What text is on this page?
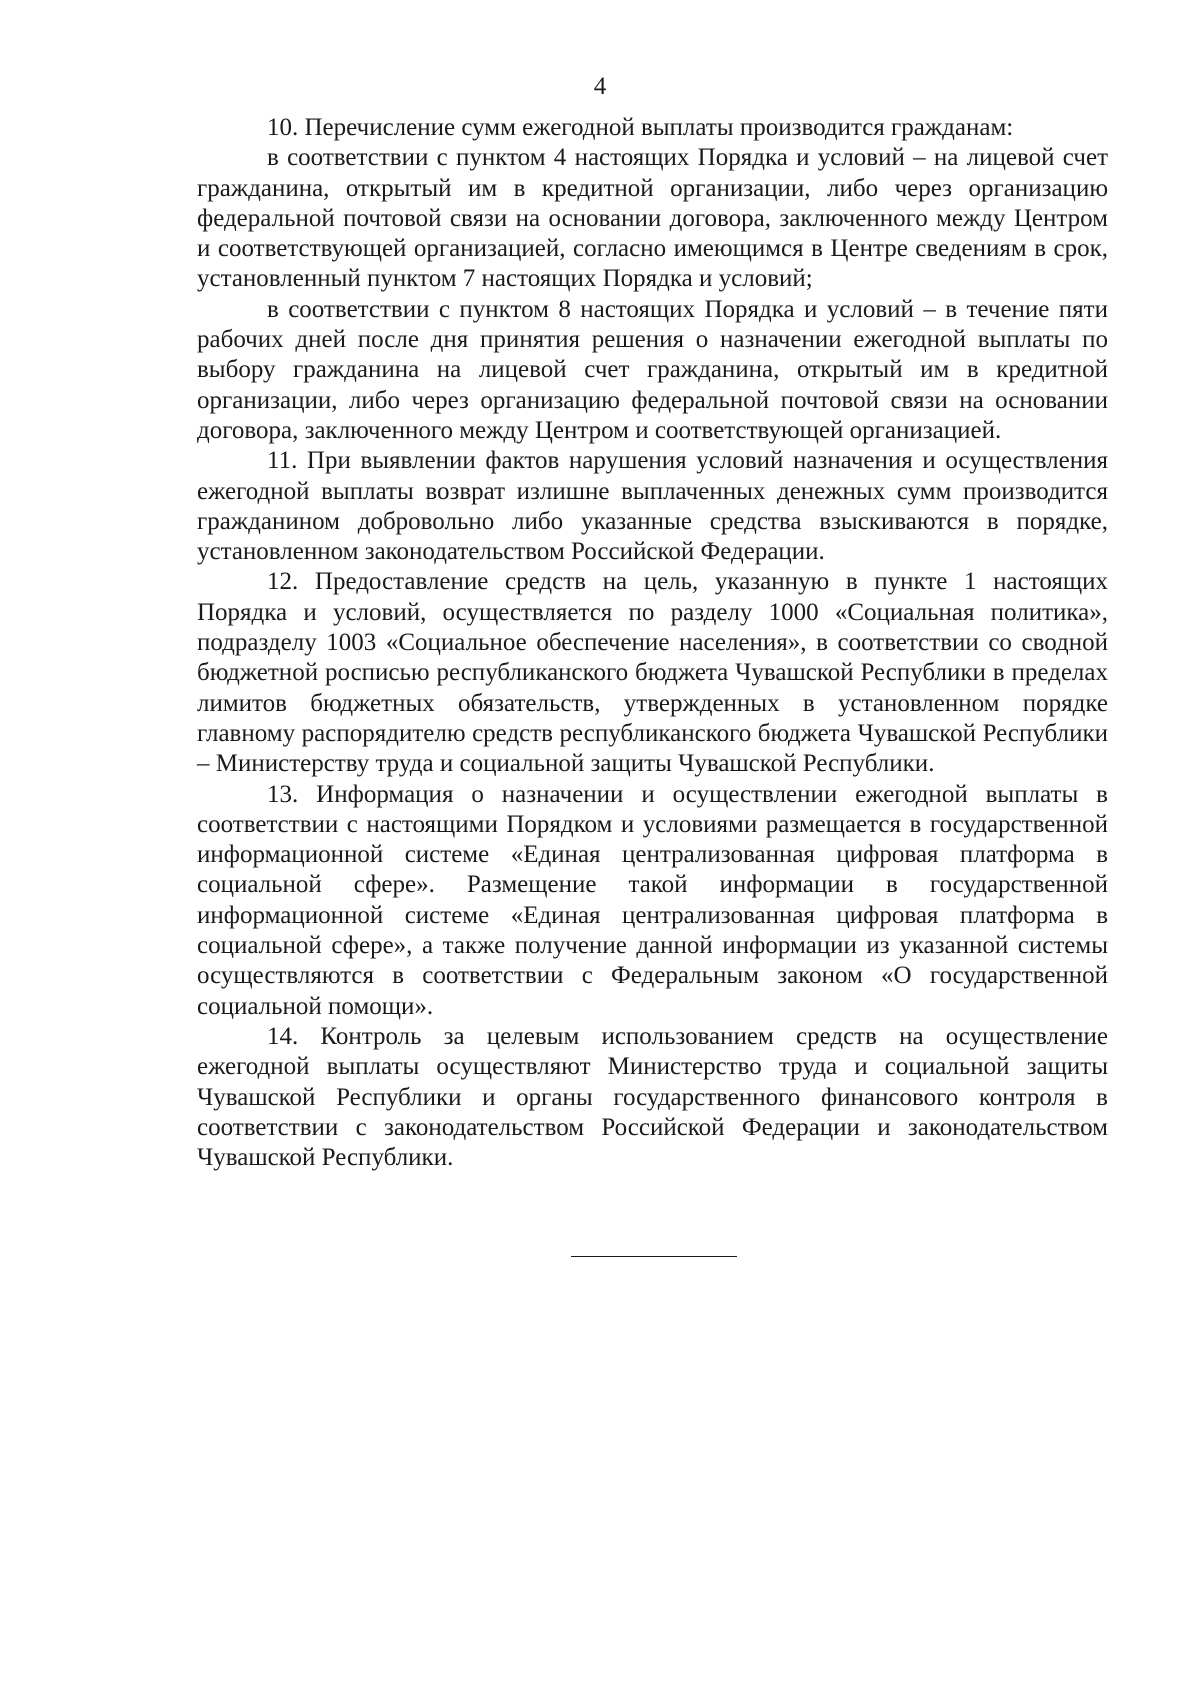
4

10. Перечисление сумм ежегодной выплаты производится гражданам:

в соответствии с пунктом 4 настоящих Порядка и условий – на лицевой счет гражданина, открытый им в кредитной организации, либо через организацию федеральной почтовой связи на основании договора, заключенного между Центром и соответствующей организацией, согласно имеющимся в Центре сведениям в срок, установленный пунктом 7 настоящих Порядка и условий;

в соответствии с пунктом 8 настоящих Порядка и условий – в течение пяти рабочих дней после дня принятия решения о назначении ежегодной выплаты по выбору гражданина на лицевой счет гражданина, открытый им в кредитной организации, либо через организацию федеральной почтовой связи на основании договора, заключенного между Центром и соответствующей организацией.

11. При выявлении фактов нарушения условий назначения и осуществления ежегодной выплаты возврат излишне выплаченных денежных сумм производится гражданином добровольно либо указанные средства взыскиваются в порядке, установленном законодательством Российской Федерации.

12. Предоставление средств на цель, указанную в пункте 1 настоящих Порядка и условий, осуществляется по разделу 1000 «Социальная политика», подразделу 1003 «Социальное обеспечение населения», в соответствии со сводной бюджетной росписью республиканского бюджета Чувашской Республики в пределах лимитов бюджетных обязательств, утвержденных в установленном порядке главному распорядителю средств республиканского бюджета Чувашской Республики – Министерству труда и социальной защиты Чувашской Республики.

13. Информация о назначении и осуществлении ежегодной выплаты в соответствии с настоящими Порядком и условиями размещается в государственной информационной системе «Единая централизованная цифровая платформа в социальной сфере». Размещение такой информации в государственной информационной системе «Единая централизованная цифровая платформа в социальной сфере», а также получение данной информации из указанной системы осуществляются в соответствии с Федеральным законом «О государственной социальной помощи».

14. Контроль за целевым использованием средств на осуществление ежегодной выплаты осуществляют Министерство труда и социальной защиты Чувашской Республики и органы государственного финансового контроля в соответствии с законодательством Российской Федерации и законодательством Чувашской Республики.
